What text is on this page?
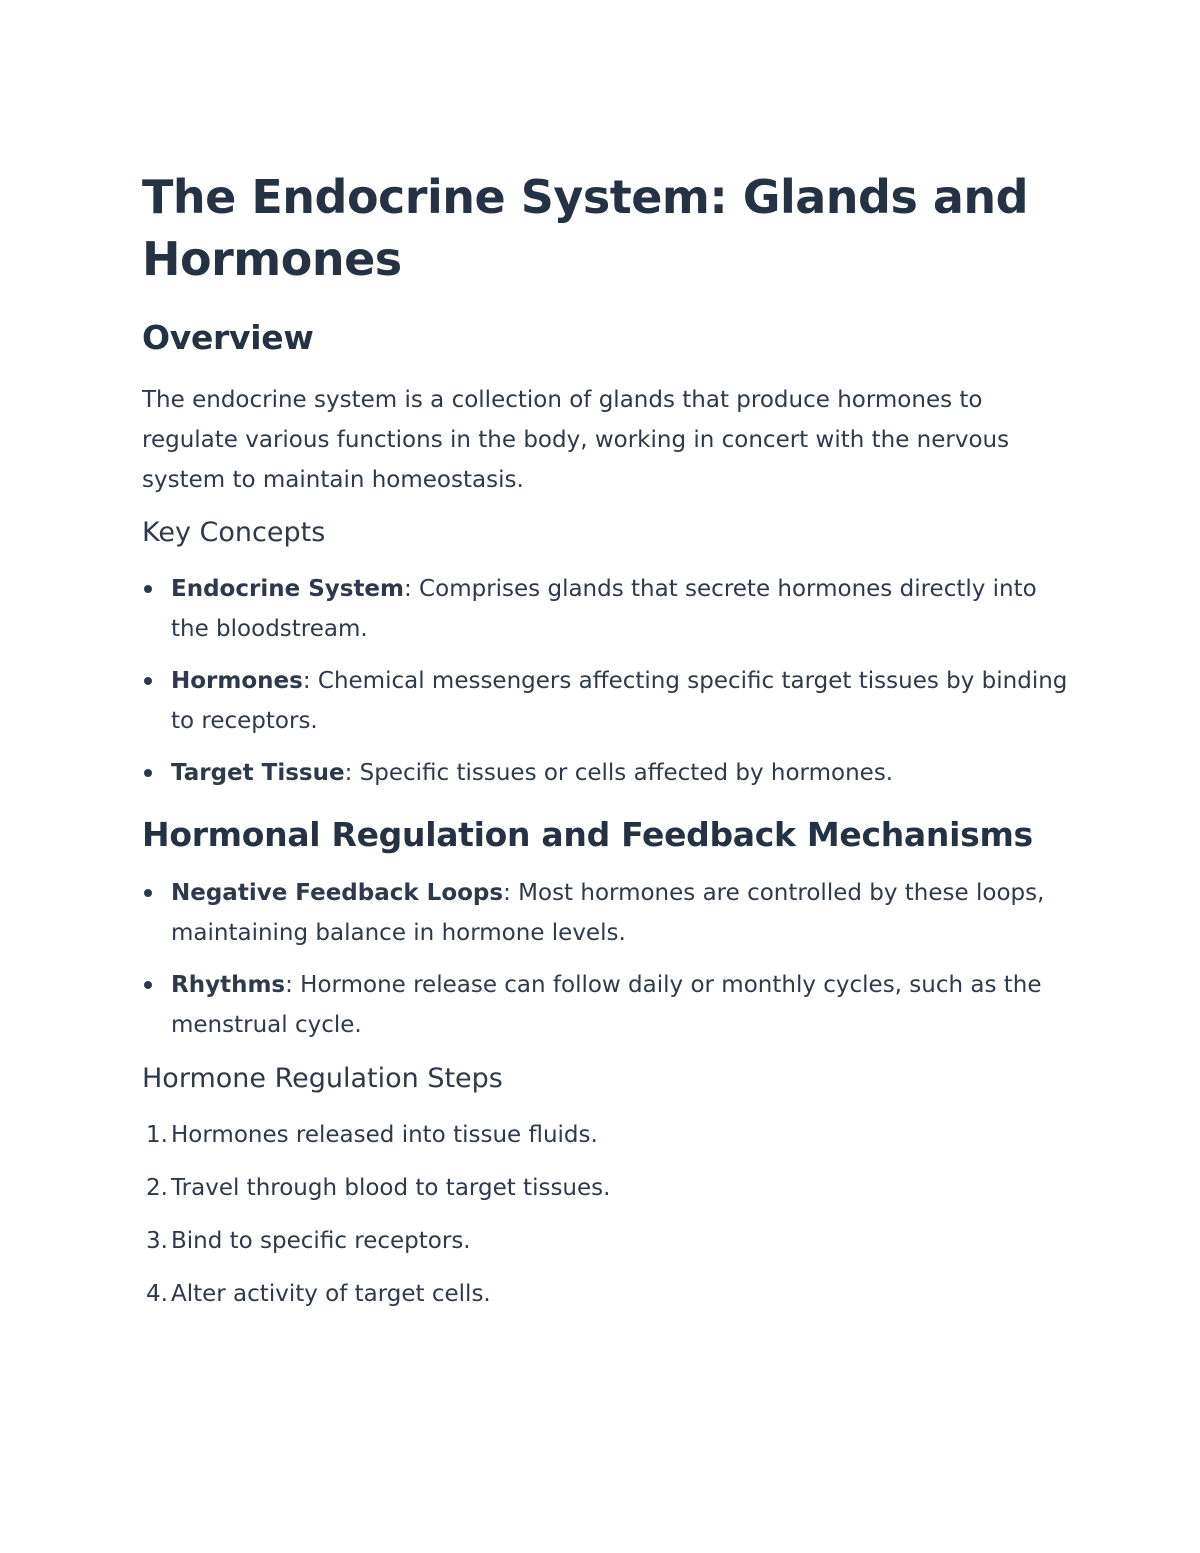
The Endocrine System: Glands and Hormones
Overview

The endocrine system is a collection of glands that produce hormones to regulate various functions in the body, working in concert with the nervous system to maintain homeostasis.

Key Concepts
Endocrine System: Comprises glands that secrete hormones directly into the bloodstream.
Hormones: Chemical messengers affecting specific target tissues by binding to receptors.
Target Tissue: Specific tissues or cells affected by hormones.
Hormonal Regulation and Feedback Mechanisms
Negative Feedback Loops: Most hormones are controlled by these loops, maintaining balance in hormone levels.
Rhythms: Hormone release can follow daily or monthly cycles, such as the menstrual cycle.
Hormone Regulation Steps
1. Hormones released into tissue fluids.
2. Travel through blood to target tissues.
3. Bind to specific receptors.
4. Alter activity of target cells.
